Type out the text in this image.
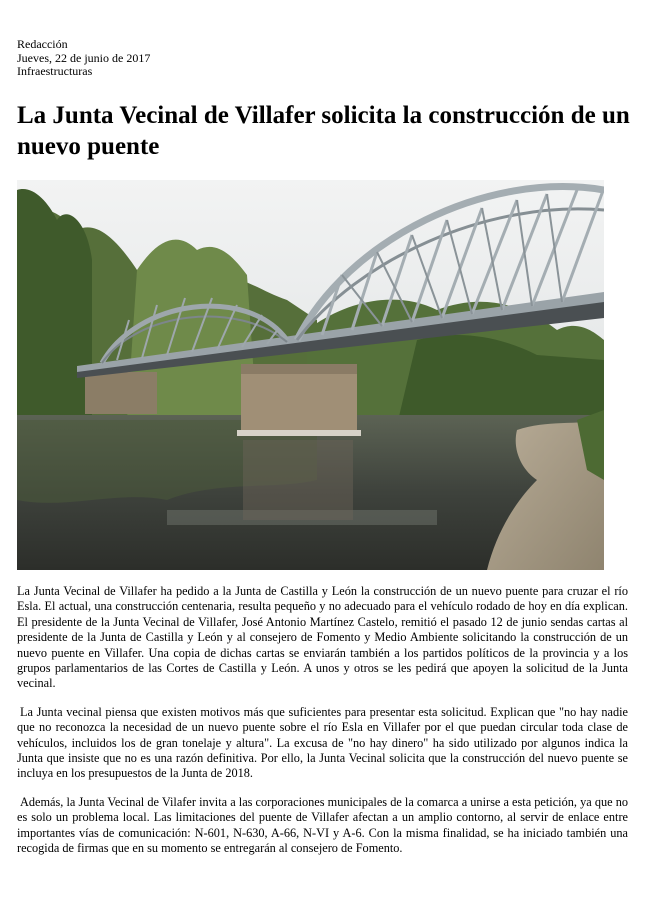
Redacción
Jueves, 22 de junio de 2017
Infraestructuras
La Junta Vecinal de Villafer solicita la construcción de un nuevo puente

La Junta Vecinal de Villafer ha pedido a la Junta de Castilla y León la construcción de un nuevo puente para cruzar el río Esla. El actual, una construcción centenaria, resulta pequeño y no adecuado para el vehículo rodado de hoy en día explican. El presidente de la Junta Vecinal de Villafer, José Antonio Martínez Castelo, remitió el pasado 12 de junio sendas cartas al presidente de la Junta de Castilla y León y al consejero de Fomento y Medio Ambiente solicitando la construcción de un nuevo puente en Villafer. Una copia de dichas cartas se enviarán también a los partidos políticos de la provincia y a los grupos parlamentarios de las Cortes de Castilla y León. A unos y otros se les pedirá que apoyen la solicitud de la Junta vecinal.

La Junta vecinal piensa que existen motivos más que suficientes para presentar esta solicitud. Explican que "no hay nadie que no reconozca la necesidad de un nuevo puente sobre el río Esla en Villafer por el que puedan circular toda clase de vehículos, incluidos los de gran tonelaje y altura". La excusa de "no hay dinero" ha sido utilizado por algunos indica la Junta que insiste que no es una razón definitiva. Por ello, la Junta Vecinal solicita que la construcción del nuevo puente se incluya en los presupuestos de la Junta de 2018.

Además, la Junta Vecinal de Vilafer invita a las corporaciones municipales de la comarca a unirse a esta petición, ya que no es solo un problema local. Las limitaciones del puente de Villafer afectan a un amplio contorno, al servir de enlace entre importantes vías de comunicación: N-601, N-630, A-66, N-VI y A-6. Con la misma finalidad, se ha iniciado también una recogida de firmas que en su momento se entregarán al consejero de Fomento.
